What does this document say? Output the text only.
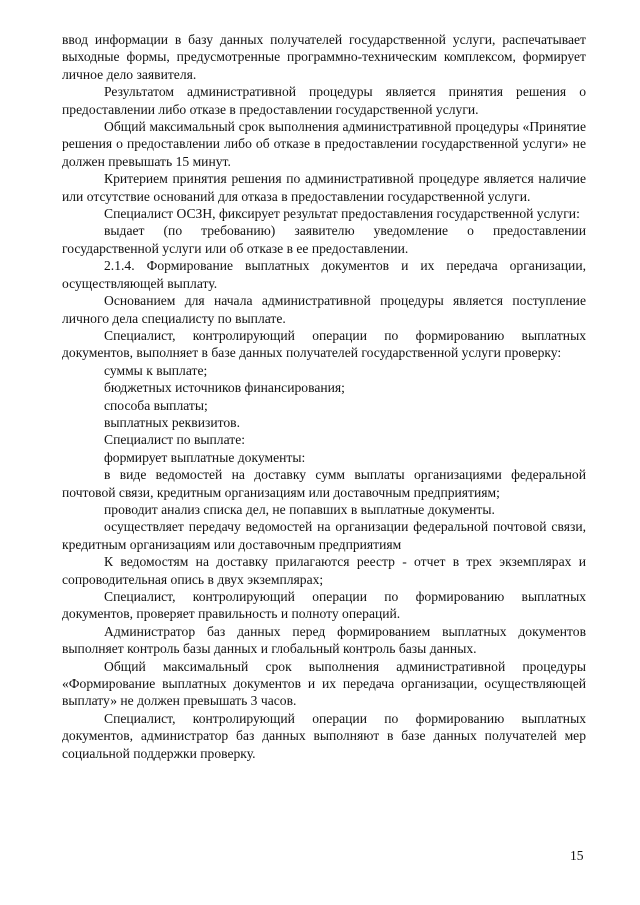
ввод информации в базу данных получателей государственной услуги, распечатывает выходные формы, предусмотренные программно-техническим комплексом, формирует личное дело заявителя.

Результатом административной процедуры является принятия решения о предоставлении либо отказе в предоставлении государственной услуги.

Общий максимальный срок выполнения административной процедуры «Принятие решения о предоставлении либо об отказе в предоставлении государственной услуги» не должен превышать 15 минут.

Критерием принятия решения по административной процедуре является наличие или отсутствие оснований для отказа в предоставлении государственной услуги.

Специалист ОСЗН, фиксирует результат предоставления государственной услуги:

выдает (по требованию) заявителю уведомление о предоставлении государственной услуги или об отказе в ее предоставлении.

2.1.4. Формирование выплатных документов и их передача организации, осуществляющей выплату.

Основанием для начала административной процедуры является поступление личного дела специалисту по выплате.

Специалист, контролирующий операции по формированию выплатных документов, выполняет в базе данных получателей государственной услуги проверку:

суммы к выплате;

бюджетных источников финансирования;

способа выплаты;

выплатных реквизитов.

Специалист по выплате:

формирует выплатные документы:

в виде ведомостей на доставку сумм выплаты организациями федеральной почтовой связи, кредитным организациям или доставочным предприятиям;

проводит анализ списка дел, не попавших в выплатные документы.

осуществляет передачу ведомостей на организации федеральной почтовой связи, кредитным организациям или доставочным предприятиям

К ведомостям на доставку прилагаются реестр - отчет в трех экземплярах и сопроводительная опись в двух экземплярах;

Специалист, контролирующий операции по формированию выплатных документов, проверяет правильность и полноту операций.

Администратор баз данных перед формированием выплатных документов выполняет контроль базы данных и глобальный контроль базы данных.

Общий максимальный срок выполнения административной процедуры «Формирование выплатных документов и их передача организации, осуществляющей выплату» не должен превышать 3 часов.

Специалист, контролирующий операции по формированию выплатных документов, администратор баз данных выполняют в базе данных получателей мер социальной поддержки проверку.

15
